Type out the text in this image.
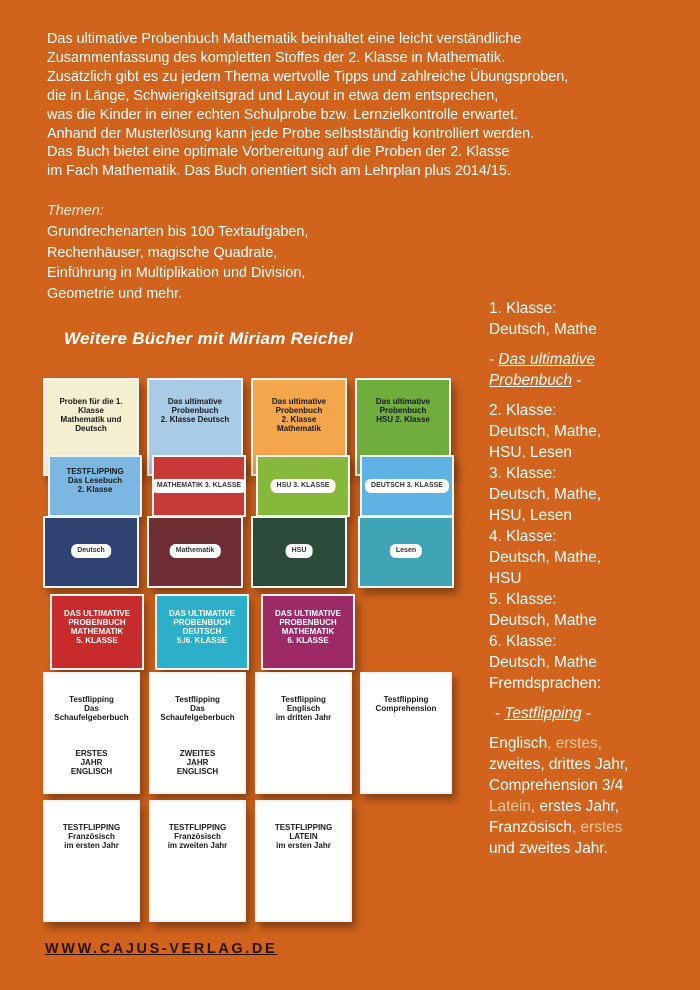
Das ultimative Probenbuch Mathematik beinhaltet eine leicht verständliche

Zusammenfassung des kompletten Stoffes der 2. Klasse in Mathematik.

Zusätzlich gibt es zu jedem Thema wertvolle Tipps und zahlreiche Übungsproben,

die in Länge, Schwierigkeitsgrad und Layout in etwa dem entsprechen,

was die Kinder in einer echten Schulprobe bzw. Lernzielkontrolle erwartet.

Anhand der Musterlösung kann jede Probe selbstständig kontrolliert werden.

Das Buch bietet eine optimale Vorbereitung auf die Proben der 2. Klasse

im Fach Mathematik. Das Buch orientiert sich am Lehrplan plus 2014/15.

Themen:
Grundrechenarten bis 100 Textaufgaben,
Rechenhäuser, magische Quadrate,
Einführung in Multiplikation und Division,
Geometrie und mehr.
Weitere Bücher mit Miriam Reichel
Proben für die 1. Klasse
Mathematik und Deutsch
Das ultimative
Probenbuch
2. Klasse Deutsch
Das ultimative
Probenbuch
2. Klasse
Mathematik
Das ultimative
Probenbuch
HSU 2. Klasse
TESTFLIPPING
Das Lesebuch
2. Klasse	MATHEMATIK 3. KLASSE	HSU 3. KLASSE	DEUTSCH 3. KLASSE
Deutsch	Mathematik	HSU	Lesen
DAS ULTIMATIVE
PROBENBUCH
MATHEMATIK
5. KLASSE
DAS ULTIMATIVE
PROBENBUCH
DEUTSCH
5./6. KLASSE
DAS ULTIMATIVE
PROBENBUCH
MATHEMATIK
6. KLASSE
Testflipping
Das Schaufelgeberbuch

ERSTES
JAHR
ENGLISCH
Testflipping
Das Schaufelgeberbuch

ZWEITES
JAHR
ENGLISCH
Testflipping
Englisch
im dritten Jahr
Testflipping
Comprehension
TESTFLIPPING
Französisch
im ersten Jahr
TESTFLIPPING
Französisch
im zweiten Jahr
TESTFLIPPING
LATEIN
im ersten Jahr
1. Klasse:
Deutsch, Mathe
- Das ultimative
Probenbuch -
2. Klasse:
Deutsch, Mathe,
HSU, Lesen
3. Klasse:
Deutsch, Mathe,
HSU, Lesen
4. Klasse:
Deutsch, Mathe,
HSU
5. Klasse:
Deutsch, Mathe
6. Klasse:
Deutsch, Mathe
Fremdsprachen:
- Testflipping -
Englisch, erstes,
zweites, drittes Jahr,
Comprehension 3/4
Latein, erstes Jahr,
Französisch, erstes
und zweites Jahr.
WWW.CAJUS-VERLAG.DE
